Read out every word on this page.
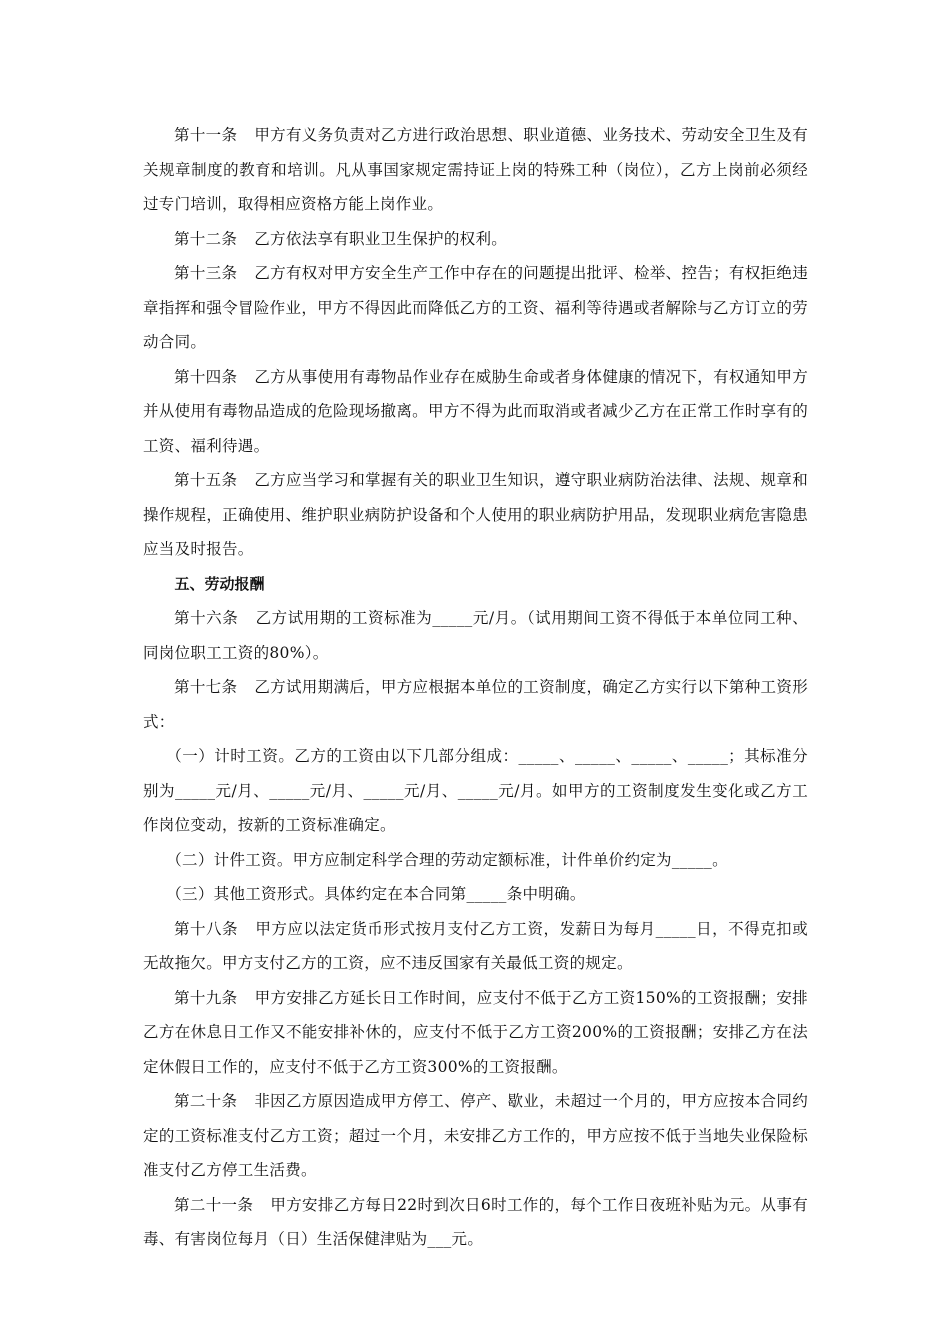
第十一条 甲方有义务负责对乙方进行政治思想、职业道德、业务技术、劳动安全卫生及有关规章制度的教育和培训。凡从事国家规定需持证上岗的特殊工种（岗位），乙方上岗前必须经过专门培训，取得相应资格方能上岗作业。

第十二条 乙方依法享有职业卫生保护的权利。

第十三条 乙方有权对甲方安全生产工作中存在的问题提出批评、检举、控告；有权拒绝违章指挥和强令冒险作业，甲方不得因此而降低乙方的工资、福利等待遇或者解除与乙方订立的劳动合同。

第十四条 乙方从事使用有毒物品作业存在威胁生命或者身体健康的情况下，有权通知甲方并从使用有毒物品造成的危险现场撤离。甲方不得为此而取消或者减少乙方在正常工作时享有的工资、福利待遇。

第十五条 乙方应当学习和掌握有关的职业卫生知识，遵守职业病防治法律、法规、规章和操作规程，正确使用、维护职业病防护设备和个人使用的职业病防护用品，发现职业病危害隐患应当及时报告。

五、劳动报酬

第十六条 乙方试用期的工资标准为_____元/月。（试用期间工资不得低于本单位同工种、同岗位职工工资的80%）。

第十七条 乙方试用期满后，甲方应根据本单位的工资制度，确定乙方实行以下第种工资形式：

（一）计时工资。乙方的工资由以下几部分组成：_____、_____、_____、_____；其标准分别为_____元/月、_____元/月、_____元/月、_____元/月。如甲方的工资制度发生变化或乙方工作岗位变动，按新的工资标准确定。

（二）计件工资。甲方应制定科学合理的劳动定额标准，计件单价约定为_____。

（三）其他工资形式。具体约定在本合同第_____条中明确。

第十八条 甲方应以法定货币形式按月支付乙方工资，发薪日为每月_____日，不得克扣或无故拖欠。甲方支付乙方的工资，应不违反国家有关最低工资的规定。

第十九条 甲方安排乙方延长日工作时间，应支付不低于乙方工资150%的工资报酬；安排乙方在休息日工作又不能安排补休的，应支付不低于乙方工资200%的工资报酬；安排乙方在法定休假日工作的，应支付不低于乙方工资300%的工资报酬。

第二十条 非因乙方原因造成甲方停工、停产、歇业，未超过一个月的，甲方应按本合同约定的工资标准支付乙方工资；超过一个月，未安排乙方工作的，甲方应按不低于当地失业保险标准支付乙方停工生活费。

第二十一条 甲方安排乙方每日22时到次日6时工作的，每个工作日夜班补贴为元。从事有毒、有害岗位每月（日）生活保健津贴为___元。
